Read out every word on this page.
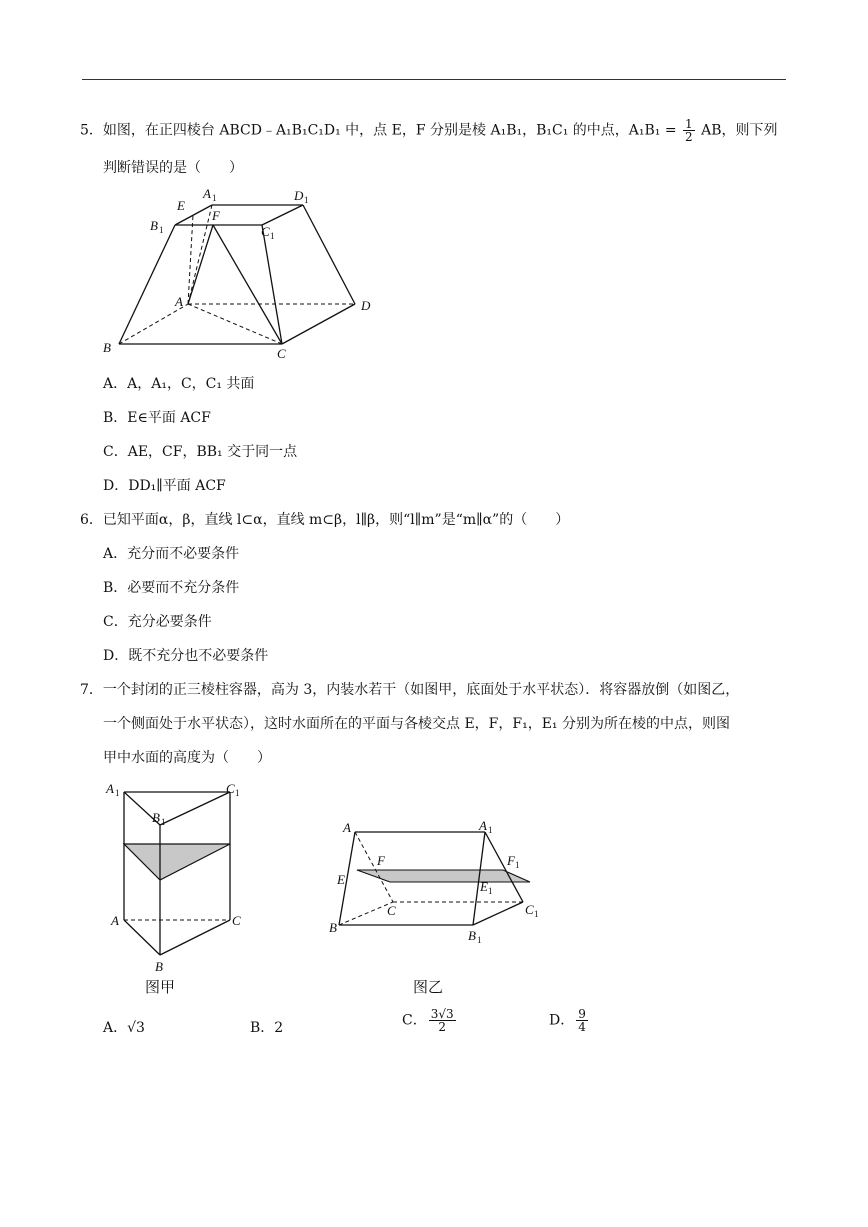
5．如图，在正四棱台 ABCD﹣A₁B₁C₁D₁ 中，点 E，F 分别是棱 A₁B₁，B₁C₁ 的中点，$A_1B_1 = \frac{1}{2}$ AB，则下列
判断错误的是（　　）
A 1	D 1
E
F
B 1	C 1
A	D
B	C
A．A，A₁，C，C₁ 共面
B．E∈平面 ACF
C．AE，CF，BB₁ 交于同一点
D．DD₁∥平面 ACF
6．已知平面α，β，直线 l⊂α，直线 m⊂β，l∥β，则“l∥m”是“m∥α”的（　　）
A．充分而不必要条件
B．必要而不充分条件
C．充分必要条件
D．既不充分也不必要条件
7．一个封闭的正三棱柱容器，高为 3，内装水若干（如图甲，底面处于水平状态）．将容器放倒（如图乙，
一个侧面处于水平状态），这时水面所在的平面与各棱交点 E，F，F₁，E₁ 分别为所在棱的中点，则图
甲中水面的高度为（　　）
A 1	C 1
B 1
A	C
B
图甲
A	A 1
F	F 1
E	E 1
C	C 1
B
B 1
图乙
A．√3	B．2	C． $\frac{3√3}{2}$	D． $\frac{9}{4}$
